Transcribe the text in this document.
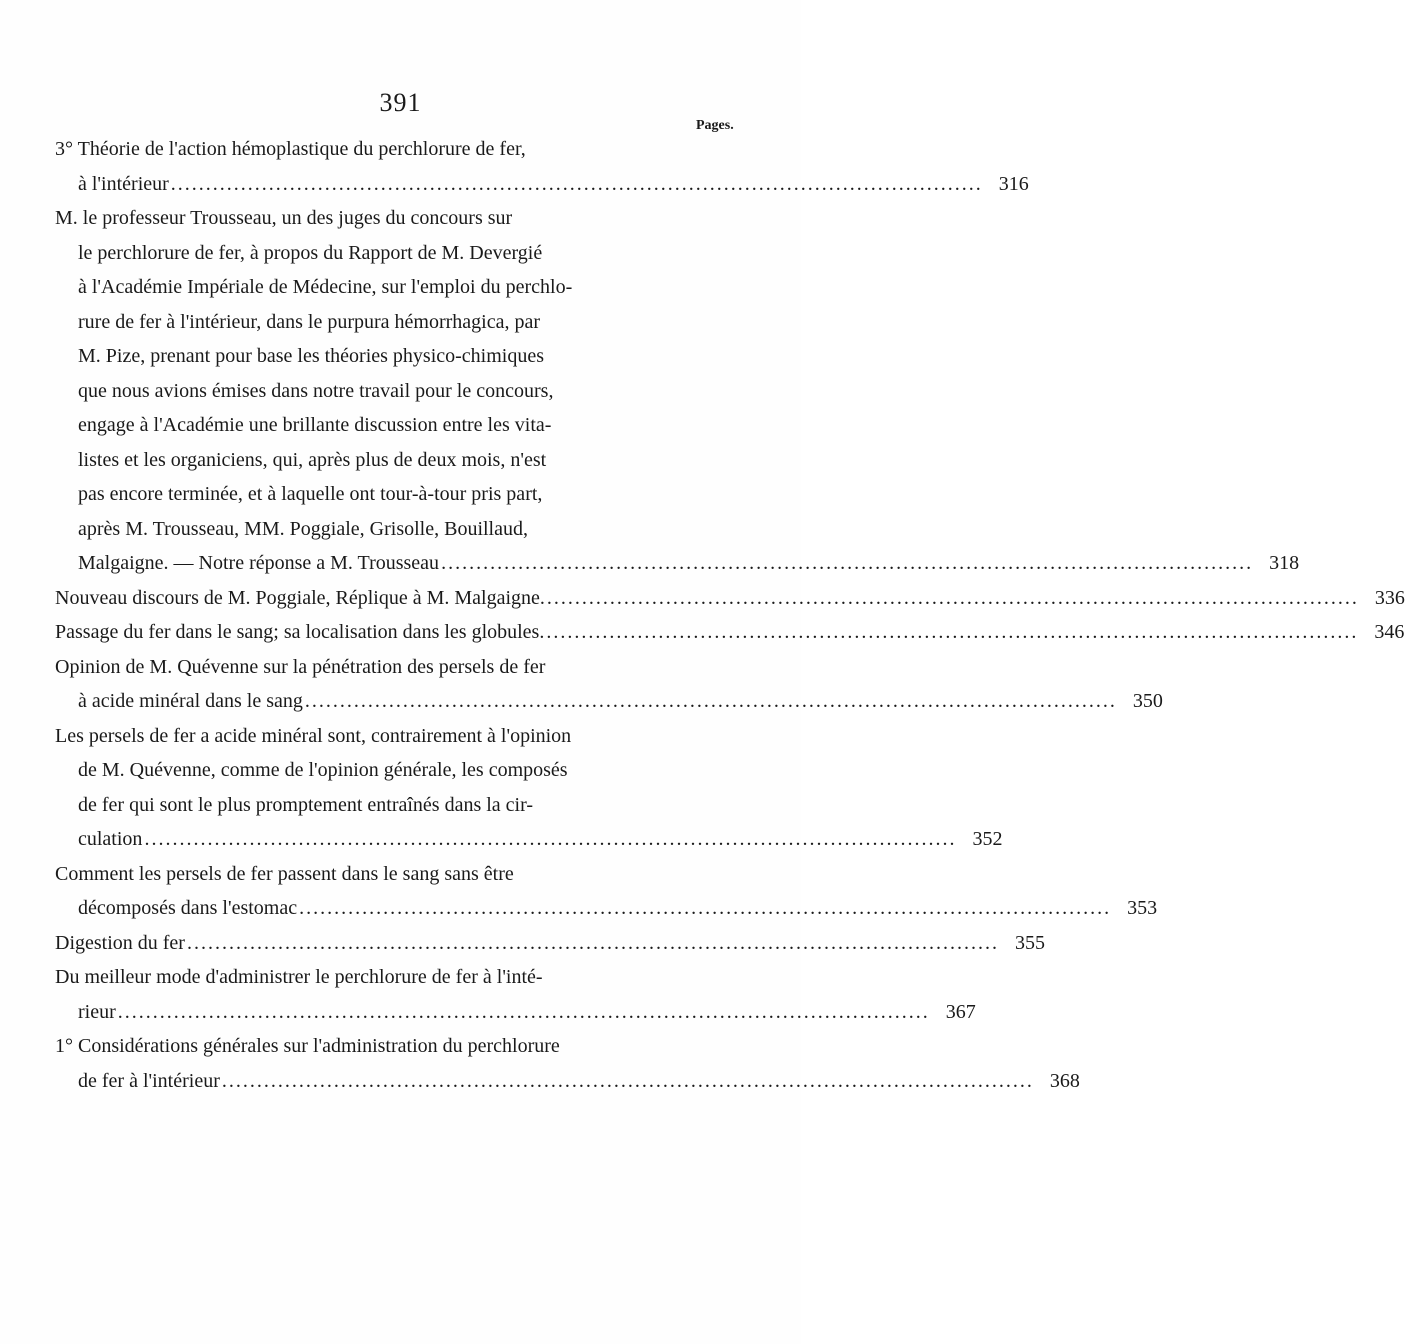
391
Pages.
3° Théorie de l'action hémoplastique du perchlorure de fer,
à l'intérieur .................................................................................................................... 316
M. le professeur Trousseau, un des juges du concours sur
le perchlorure de fer, à propos du Rapport de M. Devergié
à l'Académie Impériale de Médecine, sur l'emploi du perchlo-
rure de fer à l'intérieur, dans le purpura hémorrhagica, par
M. Pize, prenant pour base les théories physico-chimiques
que nous avions émises dans notre travail pour le concours,
engage à l'Académie une brillante discussion entre les vita-
listes et les organiciens, qui, après plus de deux mois, n'est
pas encore terminée, et à laquelle ont tour-à-tour pris part,
après M. Trousseau, MM. Poggiale, Grisolle, Bouillaud,
Malgaigne. — Notre réponse a M. Trousseau .................................................................................................................... 318
Nouveau discours de M. Poggiale, Réplique à M. Malgaigne. .................................................................................................................... 336
Passage du fer dans le sang; sa localisation dans les globules. .................................................................................................................... 346
Opinion de M. Quévenne sur la pénétration des persels de fer
à acide minéral dans le sang .................................................................................................................... 350
Les persels de fer a acide minéral sont, contrairement à l'opinion
de M. Quévenne, comme de l'opinion générale, les composés
de fer qui sont le plus promptement entraînés dans la cir-
culation .................................................................................................................... 352
Comment les persels de fer passent dans le sang sans être
décomposés dans l'estomac .................................................................................................................... 353
Digestion du fer .................................................................................................................... 355
Du meilleur mode d'administrer le perchlorure de fer à l'inté-
rieur .................................................................................................................... 367
1° Considérations générales sur l'administration du perchlorure
de fer à l'intérieur .................................................................................................................... 368
